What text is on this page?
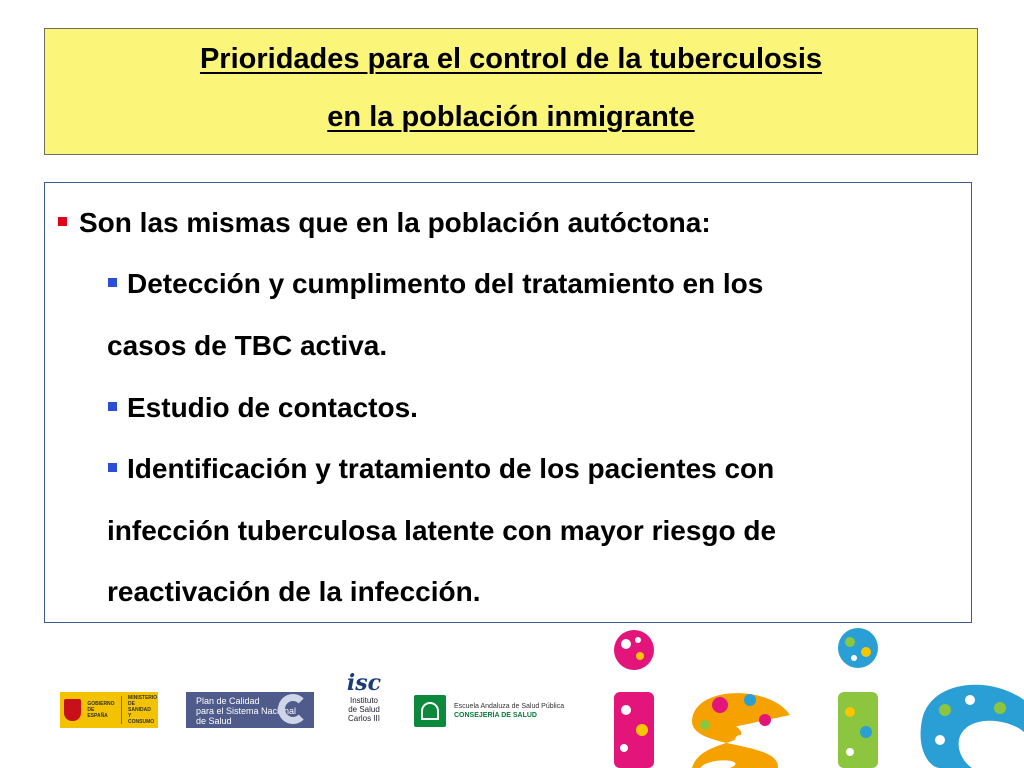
Prioridades para el control de la tuberculosis
en la población inmigrante
Son las mismas que en la población autóctona:
Detección y cumplimento del tratamiento en los
casos de TBC activa.
Estudio de contactos.
Identificación y tratamiento de los pacientes con
infección tuberculosa latente con mayor riesgo de
reactivación de la infección.
GOBIERNO
DE ESPAÑA
MINISTERIO
DE SANIDAD
Y CONSUMO
Plan de Calidad
para el Sistema Nacional
de Salud
isc
Instituto
de Salud
Carlos III
Escuela Andaluza de Salud Pública
CONSEJERÍA DE SALUD
